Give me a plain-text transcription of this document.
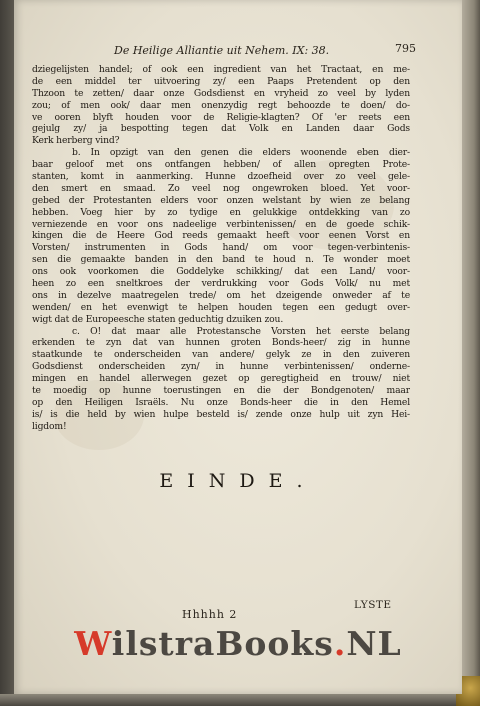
De Heilige Alliantie uit Nehem. IX: 38.	795
dziegelijsten handel; of ook een ingredient van het Tractaat, en me-
de een middel ter uitvoering zy/ een Paaps Pretendent op den
Thzoon te zetten/ daar onze Godsdienst en vryheid zo veel by lyden
zou; of men ook/ daar men onenzydig regt behoozde te doen/ do-
ve ooren blyft houden voor de Religie-klagten? Of 'er reets een
gejulg zy/ ja bespotting tegen dat Volk en Landen daar Gods
Kerk herberg vind?
b. In opzigt van den genen die elders woonende eben dier-
baar geloof met ons ontfangen hebben/ of allen opregten Prote-
stanten, komt in aanmerking. Hunne dzoefheid over zo veel gele-
den smert en smaad. Zo veel nog ongewroken bloed. Yet voor-
gebed der Protestanten elders voor onzen welstant by wien ze belang
hebben. Voeg hier by zo tydige en gelukkige ontdekking van zo
verniezende en voor ons nadeelige verbintenissen/ en de goede schik-
kingen die de Heere God reeds gemaakt heeft voor eenen Vorst en
Vorsten/ instrumenten in Gods hand/ om voor tegen-verbintenis-
sen die gemaakte banden in den band te houd n. Te wonder moet
ons ook voorkomen die Goddelyke schikking/ dat een Land/ voor-
heen zo een sneltkroes der verdrukking voor Gods Volk/ nu met
ons in dezelve maatregelen trede/ om het dzeigende onweder af te
wenden/ en het evenwigt te helpen houden tegen een gedugt over-
wigt dat de Europeesche staten geduchtig dzuiken zou.
c. O! dat maar alle Protestansche Vorsten het eerste belang
erkenden te zyn dat van hunnen groten Bonds-heer/ zig in hunne
staatkunde te onderscheiden van andere/ gelyk ze in den zuiveren
Godsdienst onderscheiden zyn/ in hunne verbintenissen/ onderne-
mingen en handel allerwegen gezet op geregtigheid en trouw/ niet
te moedig op hunne toerustingen en die der Bondgenoten/ maar
op den Heiligen Israëls. Nu onze Bonds-heer die in den Hemel
is/ is die held by wien hulpe besteld is/ zende onze hulp uit zyn Hei-
ligdom!
EINDE.
Hhhhh 2
LYSTE
WilstraBooks.NL
